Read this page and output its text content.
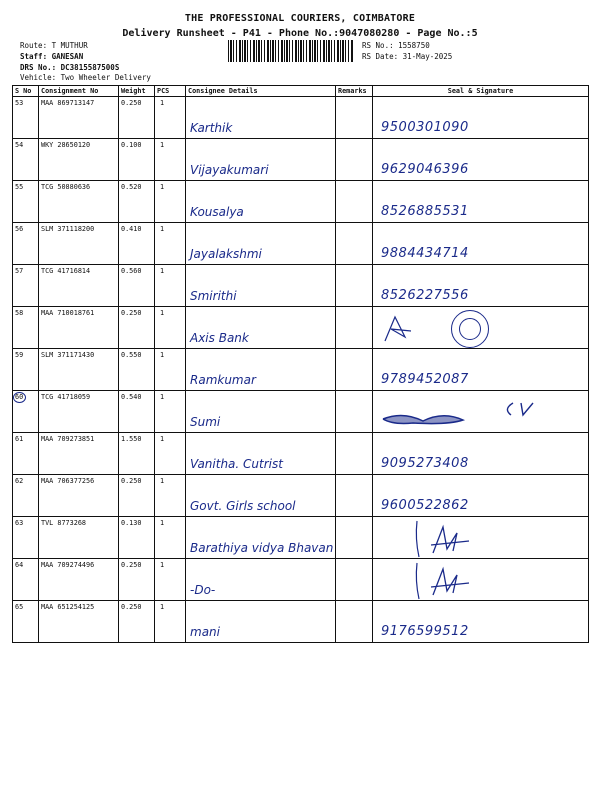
THE PROFESSIONAL COURIERS, COIMBATORE
Delivery Runsheet - P41 - Phone No.:9047080280 - Page No.:5
Route: T MUTHUR
Staff: GANESAN
DRS No.: DC3815587500S
Vehicle: Two Wheeler Delivery
RS No.: 1558750
RS Date: 31-May-2025
S No	Consignment No	Weight	PCS	Consignee Details	Remarks	Seal & Signature
53	MAA 869713147	0.250	1	Karthik		9500301090

54	WKY 28650120	0.100	1	Vijayakumari		9629046396

55	TCG 50880636	0.520	1	Kousalya		8526885531

56	SLM 371118200	0.410	1	Jayalakshmi		9884434714

57	TCG 41716814	0.560	1	Smirithi		8526227556

58	MAA 710018761	0.250	1	Axis Bank

59	SLM 371171430	0.550	1	Ramkumar		9789452087

60	TCG 41718059	0.540	1	Sumi

61	MAA 709273851	1.550	1	Vanitha. Cutrist		9095273408

62	MAA 706377256	0.250	1	Govt. Girls school		9600522862

63	TVL 8773268	0.130	1	Barathiya vidya Bhavan

64	MAA 709274496	0.250	1	-Do-

65	MAA 651254125	0.250	1	mani		9176599512
